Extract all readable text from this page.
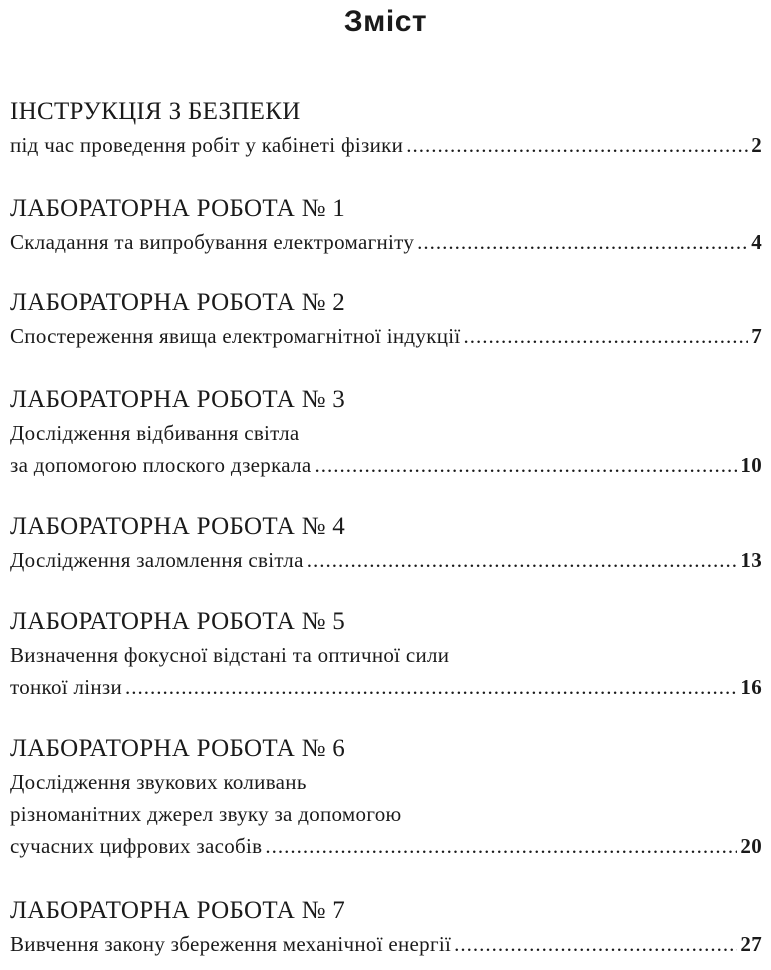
Зміст
ІНСТРУКЦІЯ З БЕЗПЕКИ
під час проведення робіт у кабінеті фізики .....	2
ЛАБОРАТОРНА РОБОТА № 1
Складання та випробування електромагніту .....	4
ЛАБОРАТОРНА РОБОТА № 2
Спостереження явища електромагнітної індукції .....	7
ЛАБОРАТОРНА РОБОТА № 3
Дослідження відбивання світла
за допомогою плоского дзеркала .....	10
ЛАБОРАТОРНА РОБОТА № 4
Дослідження заломлення світла .....	13
ЛАБОРАТОРНА РОБОТА № 5
Визначення фокусної відстані та оптичної сили
тонкої лінзи .....	16
ЛАБОРАТОРНА РОБОТА № 6
Дослідження звукових коливань
різноманітних джерел звуку за допомогою
сучасних цифрових засобів .....	20
ЛАБОРАТОРНА РОБОТА № 7
Вивчення закону збереження механічної енергії .....	27
